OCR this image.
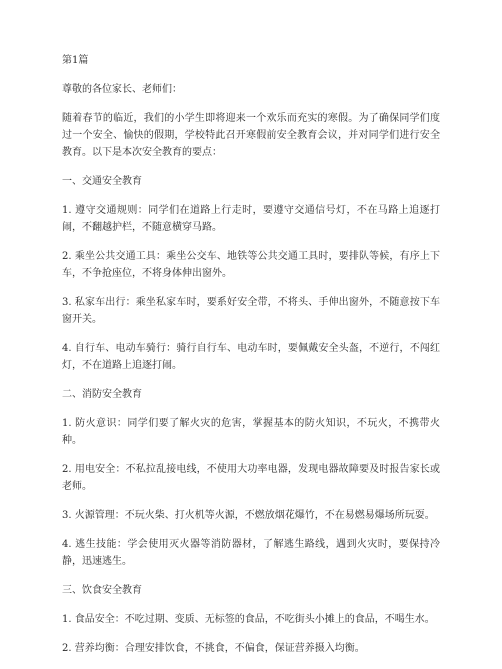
第1篇

尊敬的各位家长、老师们：

随着春节的临近，我们的小学生即将迎来一个欢乐而充实的寒假。为了确保同学们度过一个安全、愉快的假期，学校特此召开寒假前安全教育会议，并对同学们进行安全教育。以下是本次安全教育的要点：

一、交通安全教育

1. 遵守交通规则：同学们在道路上行走时，要遵守交通信号灯，不在马路上追逐打闹，不翻越护栏，不随意横穿马路。

2. 乘坐公共交通工具：乘坐公交车、地铁等公共交通工具时，要排队等候，有序上下车，不争抢座位，不将身体伸出窗外。

3. 私家车出行：乘坐私家车时，要系好安全带，不将头、手伸出窗外，不随意按下车窗开关。

4. 自行车、电动车骑行：骑行自行车、电动车时，要佩戴安全头盔，不逆行，不闯红灯，不在道路上追逐打闹。

二、消防安全教育

1. 防火意识：同学们要了解火灾的危害，掌握基本的防火知识，不玩火，不携带火种。

2. 用电安全：不私拉乱接电线，不使用大功率电器，发现电器故障要及时报告家长或老师。

3. 火源管理：不玩火柴、打火机等火源，不燃放烟花爆竹，不在易燃易爆场所玩耍。

4. 逃生技能：学会使用灭火器等消防器材，了解逃生路线，遇到火灾时，要保持冷静，迅速逃生。

三、饮食安全教育

1. 食品安全：不吃过期、变质、无标签的食品，不吃街头小摊上的食品，不喝生水。

2. 营养均衡：合理安排饮食，不挑食，不偏食，保证营养摄入均衡。
